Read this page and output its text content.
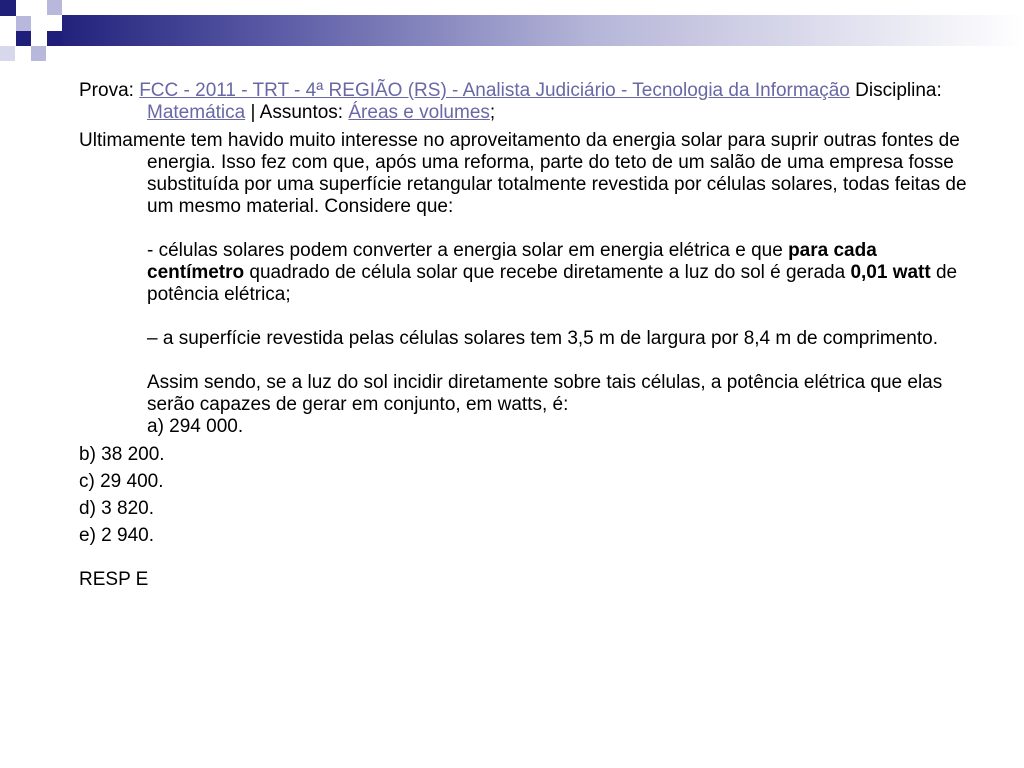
Prova: FCC - 2011 - TRT - 4ª REGIÃO (RS) - Analista Judiciário - Tecnologia da Informação Disciplina: Matemática | Assuntos: Áreas e volumes;

Ultimamente tem havido muito interesse no aproveitamento da energia solar para suprir outras fontes de energia. Isso fez com que, após uma reforma, parte do teto de um salão de uma empresa fosse substituída por uma superfície retangular totalmente revestida por células solares, todas feitas de um mesmo material. Considere que:
- células solares podem converter a energia solar em energia elétrica e que para cada centímetro quadrado de célula solar que recebe diretamente a luz do sol é gerada 0,01 watt de potência elétrica;
– a superfície revestida pelas células solares tem 3,5 m de largura por 8,4 m de comprimento.
Assim sendo, se a luz do sol incidir diretamente sobre tais células, a potência elétrica que elas serão capazes de gerar em conjunto, em watts, é:
a) 294 000.
b) 38 200.
c) 29 400.
d) 3 820.
e) 2 940.
RESP E
